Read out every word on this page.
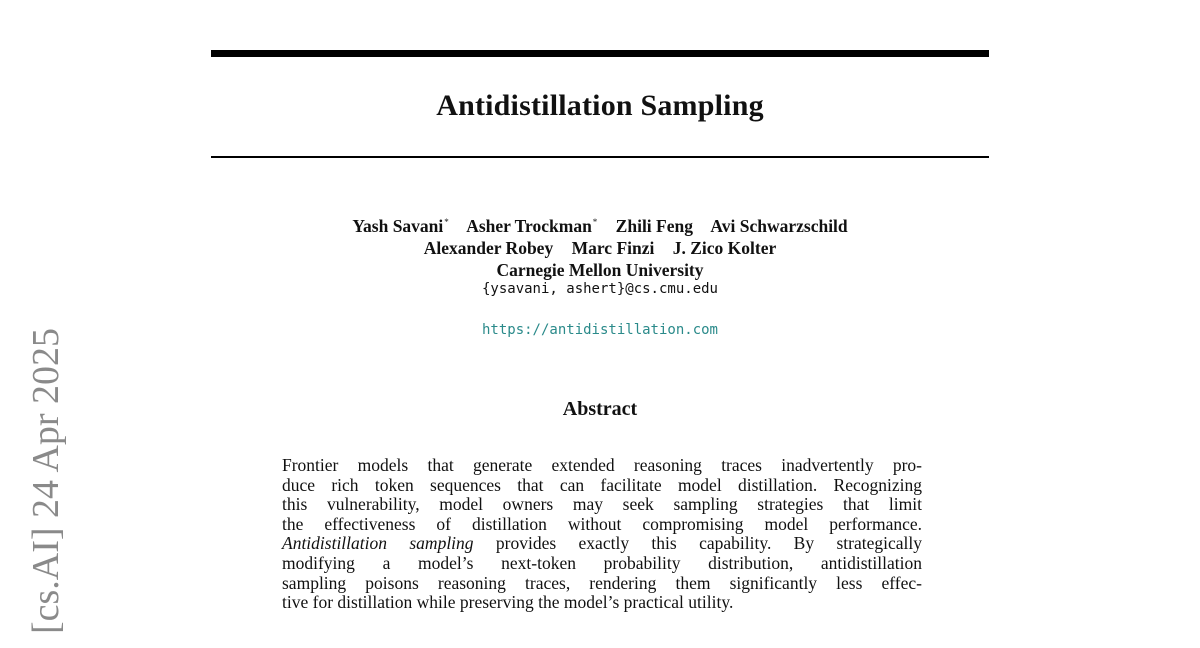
Antidistillation Sampling
Yash Savani* Asher Trockman* Zhili Feng Avi Schwarzschild
Alexander Robey Marc Finzi J. Zico Kolter
Carnegie Mellon University
{ysavani, ashert}@cs.cmu.edu
https://antidistillation.com
Abstract
Frontier models that generate extended reasoning traces inadvertently pro-
duce rich token sequences that can facilitate model distillation. Recognizing
this vulnerability, model owners may seek sampling strategies that limit
the effectiveness of distillation without compromising model performance.
Antidistillation sampling provides exactly this capability. By strategically
modifying a model’s next-token probability distribution, antidistillation
sampling poisons reasoning traces, rendering them significantly less effec-
tive for distillation while preserving the model’s practical utility.
[cs.AI] 24 Apr 2025
